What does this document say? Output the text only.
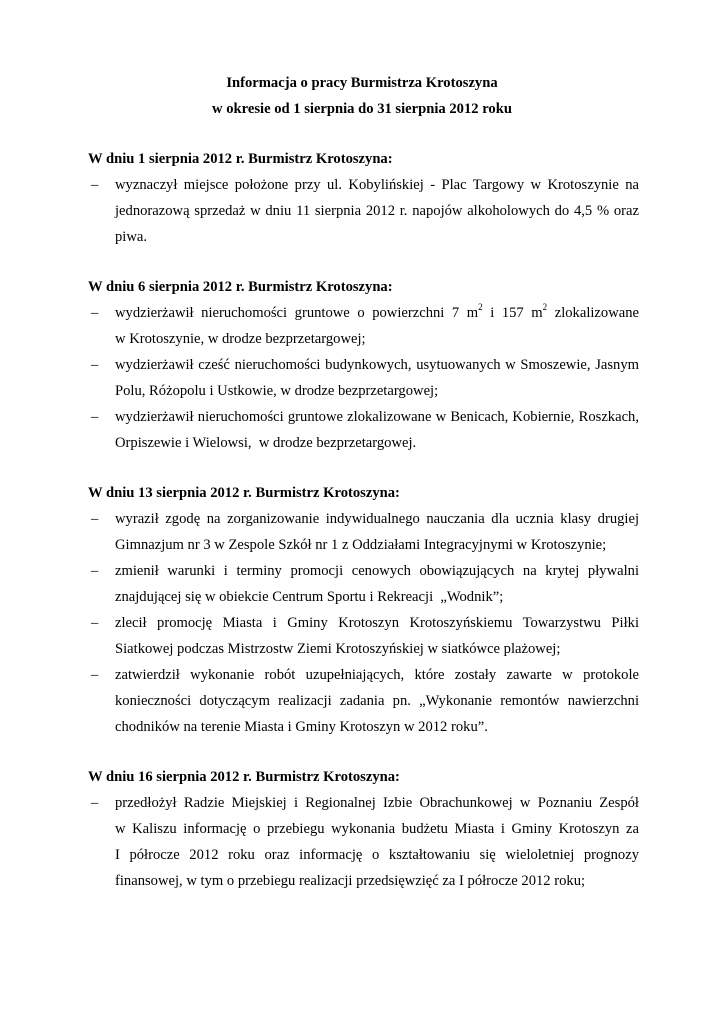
Informacja o pracy Burmistrza Krotoszyna
w okresie od 1 sierpnia do 31 sierpnia 2012 roku
W dniu 1 sierpnia 2012 r. Burmistrz Krotoszyna:
– wyznaczył miejsce położone przy ul. Kobylińskiej - Plac Targowy w Krotoszynie na
jednorazową sprzedaż w dniu 11 sierpnia 2012 r. napojów alkoholowych do 4,5 % oraz
piwa.
W dniu 6 sierpnia 2012 r. Burmistrz Krotoszyna:
– wydzierżawił nieruchomości gruntowe o powierzchni 7 $m^2$ i 157 $m^2$ zlokalizowane
w Krotoszynie, w drodze bezprzetargowej;
– wydzierżawił cześć nieruchomości budynkowych, usytuowanych w Smoszewie, Jasnym
Polu, Różopolu i Ustkowie, w drodze bezprzetargowej;
– wydzierżawił nieruchomości gruntowe zlokalizowane w Benicach, Kobiernie, Roszkach,
Orpiszewie i Wielowsi,  w drodze bezprzetargowej.
W dniu 13 sierpnia 2012 r. Burmistrz Krotoszyna:
– wyraził zgodę na zorganizowanie indywidualnego nauczania dla ucznia klasy drugiej
Gimnazjum nr 3 w Zespole Szkół nr 1 z Oddziałami Integracyjnymi w Krotoszynie;
– zmienił warunki i terminy promocji cenowych obowiązujących na krytej pływalni
znajdującej się w obiekcie Centrum Sportu i Rekreacji  „Wodnik”;
– zlecił promocję Miasta i Gminy Krotoszyn Krotoszyńskiemu Towarzystwu Piłki
Siatkowej podczas Mistrzostw Ziemi Krotoszyńskiej w siatkówce plażowej;
– zatwierdził wykonanie robót uzupełniających, które zostały zawarte w protokole
konieczności dotyczącym realizacji zadania pn. „Wykonanie remontów nawierzchni
chodników na terenie Miasta i Gminy Krotoszyn w 2012 roku”.
W dniu 16 sierpnia 2012 r. Burmistrz Krotoszyna:
– przedłożył Radzie Miejskiej i Regionalnej Izbie Obrachunkowej w Poznaniu Zespół
w Kaliszu informację o przebiegu wykonania budżetu Miasta i Gminy Krotoszyn za
I półrocze 2012 roku oraz informację o kształtowaniu się wieloletniej prognozy
finansowej, w tym o przebiegu realizacji przedsięwzięć za I półrocze 2012 roku;
